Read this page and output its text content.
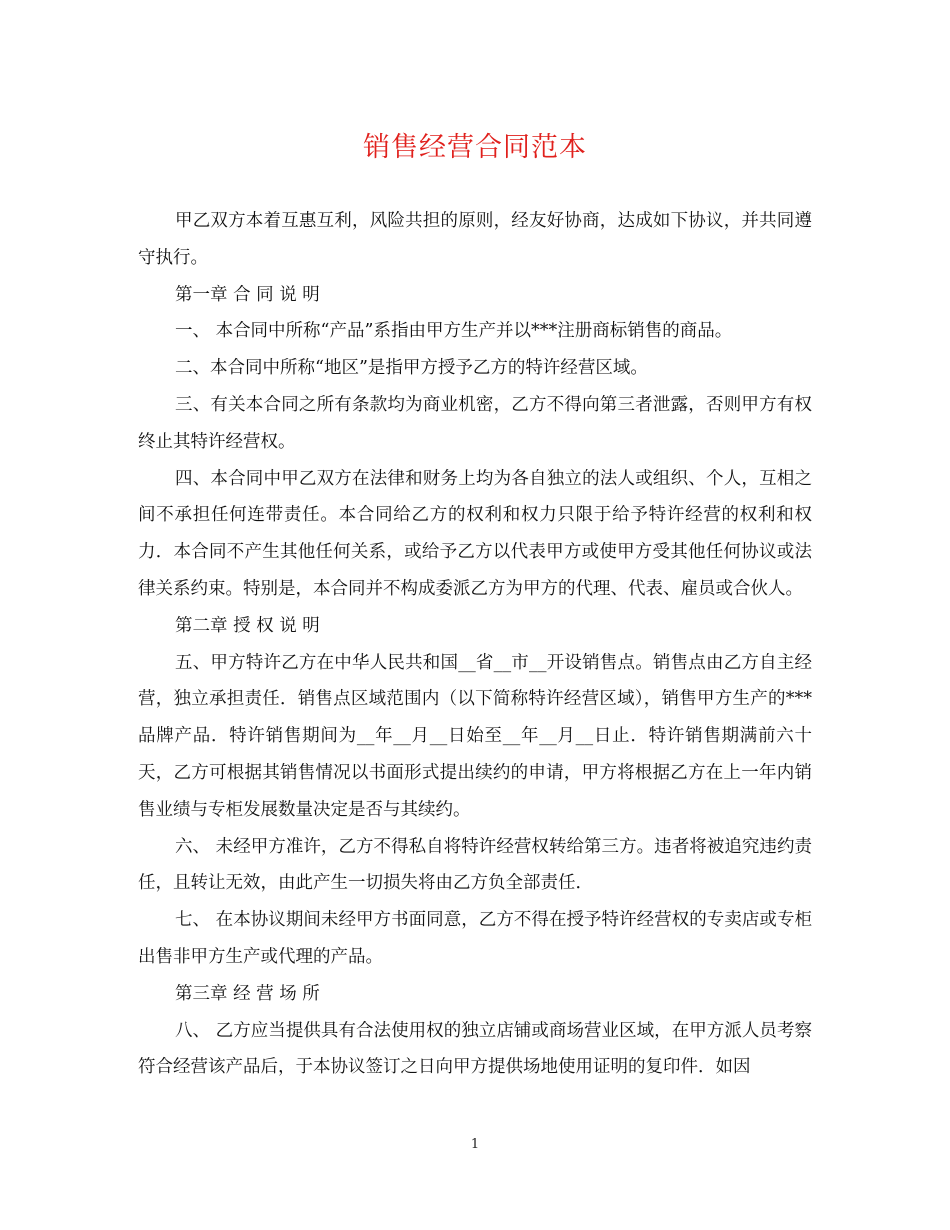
销售经营合同范本

甲乙双方本着互惠互利，风险共担的原则，经友好协商，达成如下协议，并共同遵守执行。

第一章 合 同 说 明

一、 本合同中所称“产品”系指由甲方生产并以***注册商标销售的商品。

二、本合同中所称“地区”是指甲方授予乙方的特许经营区域。

三、有关本合同之所有条款均为商业机密，乙方不得向第三者泄露，否则甲方有权终止其特许经营权。

四、本合同中甲乙双方在法律和财务上均为各自独立的法人或组织、个人，互相之间不承担任何连带责任。本合同给乙方的权利和权力只限于给予特许经营的权利和权力．本合同不产生其他任何关系，或给予乙方以代表甲方或使甲方受其他任何协议或法律关系约束。特别是，本合同并不构成委派乙方为甲方的代理、代表、雇员或合伙人。

第二章 授 权 说 明

五、甲方特许乙方在中华人民共和国__省__市__开设销售点。销售点由乙方自主经营，独立承担责任．销售点区域范围内（以下简称特许经营区域），销售甲方生产的***品牌产品．特许销售期间为__年__月__日始至__年__月__日止．特许销售期满前六十天，乙方可根据其销售情况以书面形式提出续约的申请，甲方将根据乙方在上一年内销售业绩与专柜发展数量决定是否与其续约。

六、 未经甲方准许，乙方不得私自将特许经营权转给第三方。违者将被追究违约责任，且转让无效，由此产生一切损失将由乙方负全部责任．

七、 在本协议期间未经甲方书面同意，乙方不得在授予特许经营权的专卖店或专柜出售非甲方生产或代理的产品。

第三章 经 营 场 所

八、 乙方应当提供具有合法使用权的独立店铺或商场营业区域，在甲方派人员考察符合经营该产品后，于本协议签订之日向甲方提供场地使用证明的复印件．如因

1
